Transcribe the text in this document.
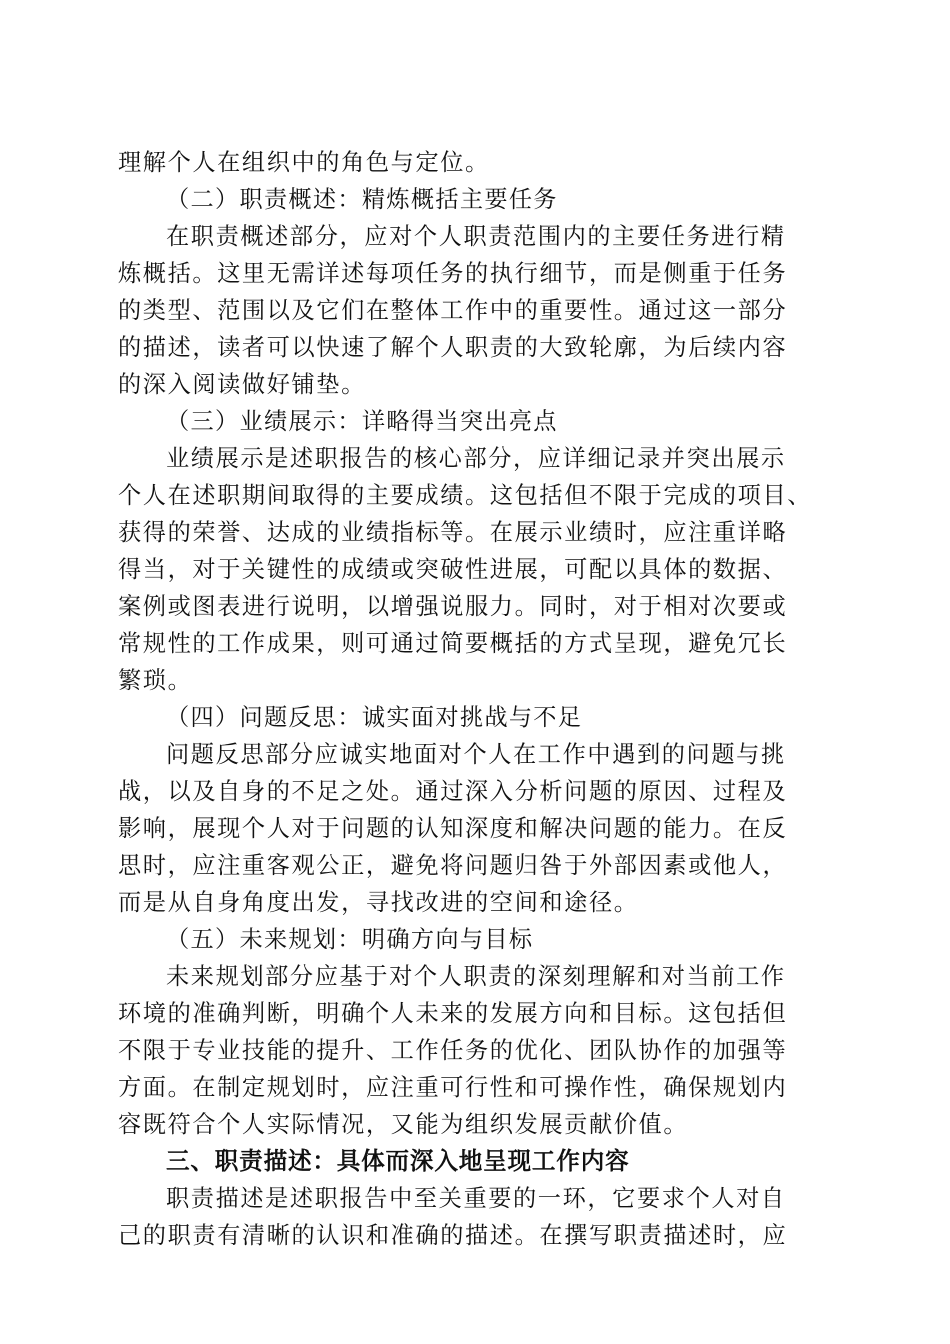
理解个人在组织中的角色与定位。
（二）职责概述：精炼概括主要任务
在职责概述部分，应对个人职责范围内的主要任务进行精
炼概括。这里无需详述每项任务的执行细节，而是侧重于任务
的类型、范围以及它们在整体工作中的重要性。通过这一部分
的描述，读者可以快速了解个人职责的大致轮廓，为后续内容
的深入阅读做好铺垫。
（三）业绩展示：详略得当突出亮点
业绩展示是述职报告的核心部分，应详细记录并突出展示
个人在述职期间取得的主要成绩。这包括但不限于完成的项目、
获得的荣誉、达成的业绩指标等。在展示业绩时，应注重详略
得当，对于关键性的成绩或突破性进展，可配以具体的数据、
案例或图表进行说明，以增强说服力。同时，对于相对次要或
常规性的工作成果，则可通过简要概括的方式呈现，避免冗长
繁琐。
（四）问题反思：诚实面对挑战与不足
问题反思部分应诚实地面对个人在工作中遇到的问题与挑
战，以及自身的不足之处。通过深入分析问题的原因、过程及
影响，展现个人对于问题的认知深度和解决问题的能力。在反
思时，应注重客观公正，避免将问题归咎于外部因素或他人，
而是从自身角度出发，寻找改进的空间和途径。
（五）未来规划：明确方向与目标
未来规划部分应基于对个人职责的深刻理解和对当前工作
环境的准确判断，明确个人未来的发展方向和目标。这包括但
不限于专业技能的提升、工作任务的优化、团队协作的加强等
方面。在制定规划时，应注重可行性和可操作性，确保规划内
容既符合个人实际情况，又能为组织发展贡献价值。
三、职责描述：具体而深入地呈现工作内容
职责描述是述职报告中至关重要的一环，它要求个人对自
己的职责有清晰的认识和准确的描述。在撰写职责描述时，应
